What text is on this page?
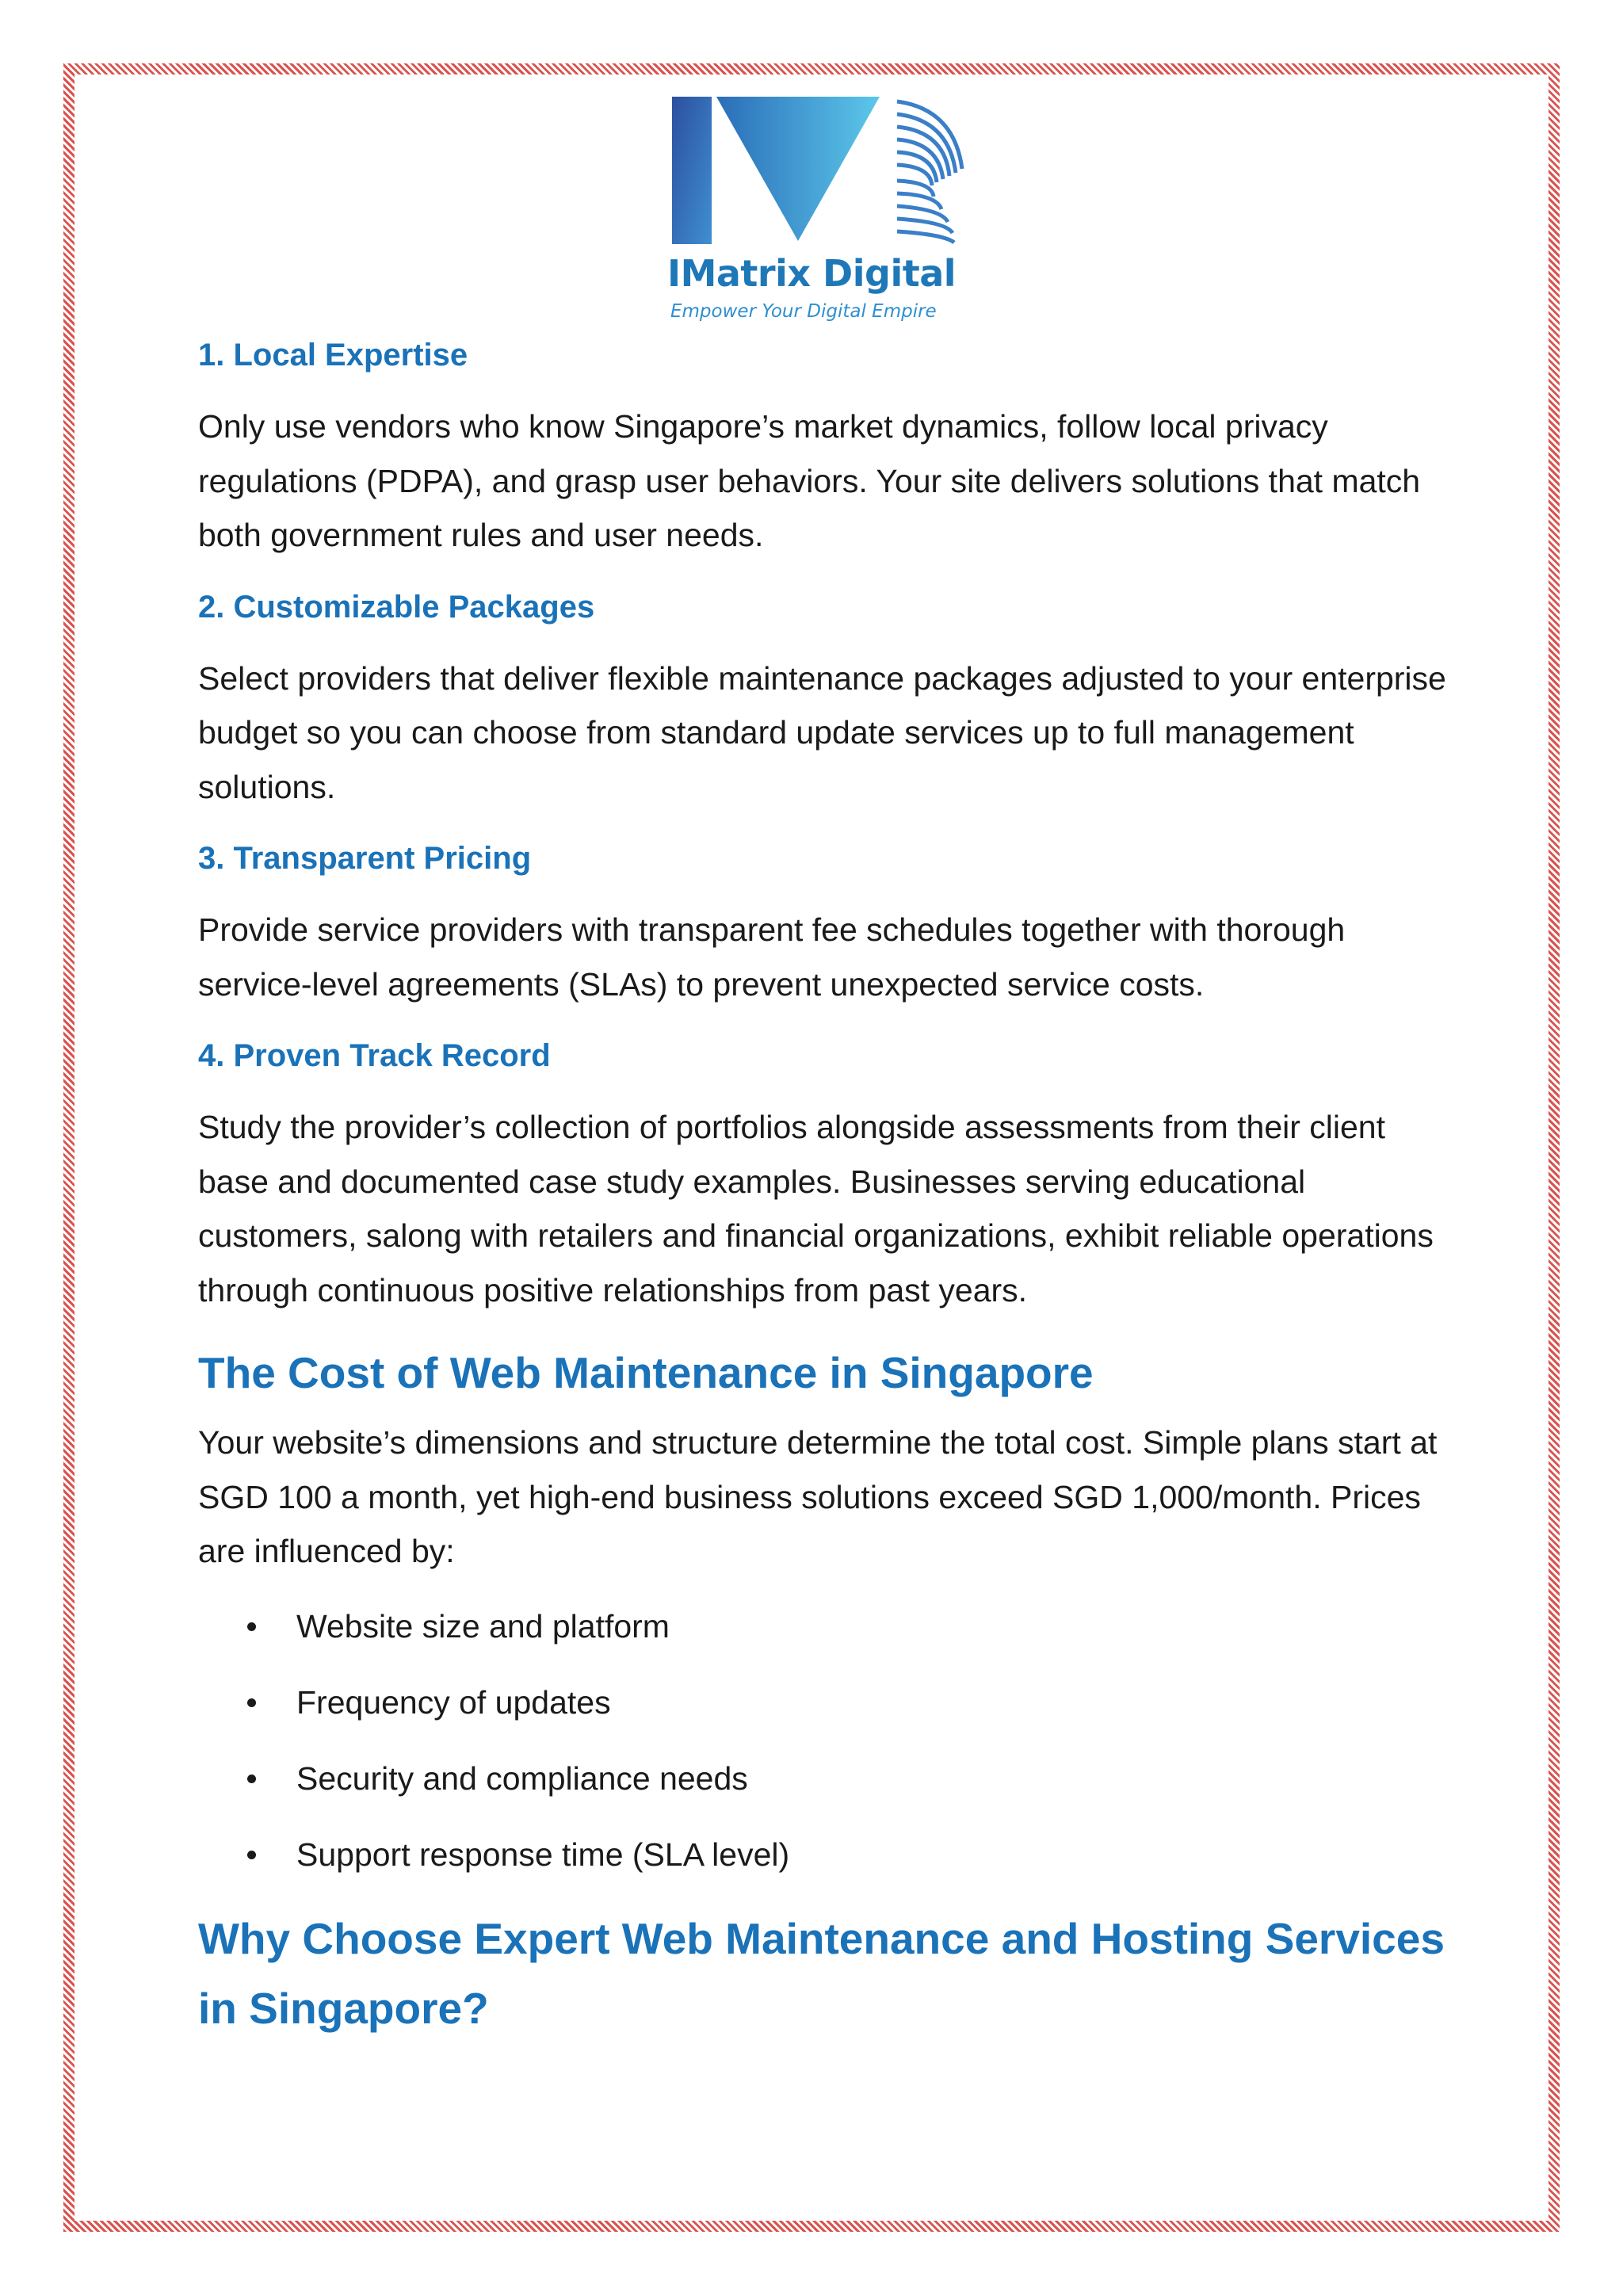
IMatrix Digital
Empower Your Digital Empire
1. Local Expertise

Only use vendors who know Singapore’s market dynamics, follow local privacy regulations (PDPA), and grasp user behaviors. Your site delivers solutions that match both government rules and user needs.

2. Customizable Packages

Select providers that deliver flexible maintenance packages adjusted to your enterprise budget so you can choose from standard update services up to full management solutions.

3. Transparent Pricing

Provide service providers with transparent fee schedules together with thorough service-level agreements (SLAs) to prevent unexpected service costs.

4. Proven Track Record

Study the provider’s collection of portfolios alongside assessments from their client base and documented case study examples. Businesses serving educational customers, salong with retailers and financial organizations, exhibit reliable operations through continuous positive relationships from past years.

The Cost of Web Maintenance in Singapore

Your website’s dimensions and structure determine the total cost. Simple plans start at SGD 100 a month, yet high-end business solutions exceed SGD 1,000/month. Prices are influenced by:

Website size and platform
Frequency of updates
Security and compliance needs
Support response time (SLA level)
Why Choose Expert Web Maintenance and Hosting Services in Singapore?
